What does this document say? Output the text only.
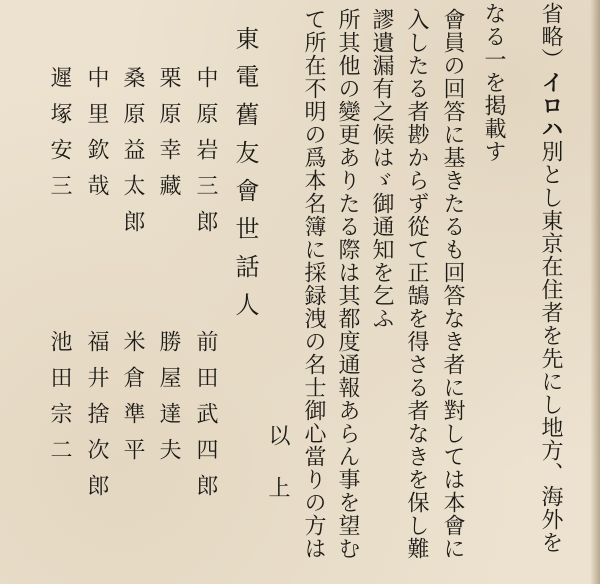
省略）イロハ別とし東京在住者を先にし地方、海外を
なる一を掲載す
會員の回答に基きたるも回答なき者に對しては本會に
入したる者尠からず從て正鵠を得さる者なきを保し難
謬遺漏有之候はゞ御通知を乞ふ
所其他の變更ありたる際は其都度通報あらん事を望む
て所在不明の爲本名簿に採録洩の名士御心當りの方は
以上
東電舊友會世話人
中原岩三郎
栗原幸藏
桑原益太郎
中里欽哉
遲塚安三
前田武四郎
勝屋達夫
米倉準平
福井捨次郎
池田宗二
